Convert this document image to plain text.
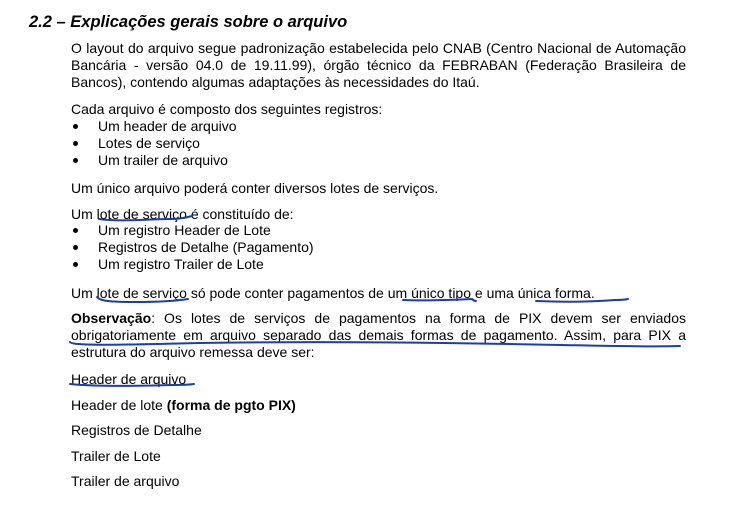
2.2 – Explicações gerais sobre o arquivo

O layout do arquivo segue padronização estabelecida pelo CNAB (Centro Nacional de Automação Bancária - versão 04.0 de 19.11.99), órgão técnico da FEBRABAN (Federação Brasileira de Bancos), contendo algumas adaptações às necessidades do Itaú.

Cada arquivo é composto dos seguintes registros:

Um header de arquivo
Lotes de serviço
Um trailer de arquivo

Um único arquivo poderá conter diversos lotes de serviços.

Um lote de serviço é constituído de:

Um registro Header de Lote
Registros de Detalhe (Pagamento)
Um registro Trailer de Lote

Um lote de serviço só pode conter pagamentos de um único tipo e uma única forma.

Observação: Os lotes de serviços de pagamentos na forma de PIX devem ser enviados obrigatoriamente em arquivo separado das demais formas de pagamento. Assim, para PIX a estrutura do arquivo remessa deve ser:

Header de arquivo

Header de lote (forma de pgto PIX)

Registros de Detalhe

Trailer de Lote

Trailer de arquivo
